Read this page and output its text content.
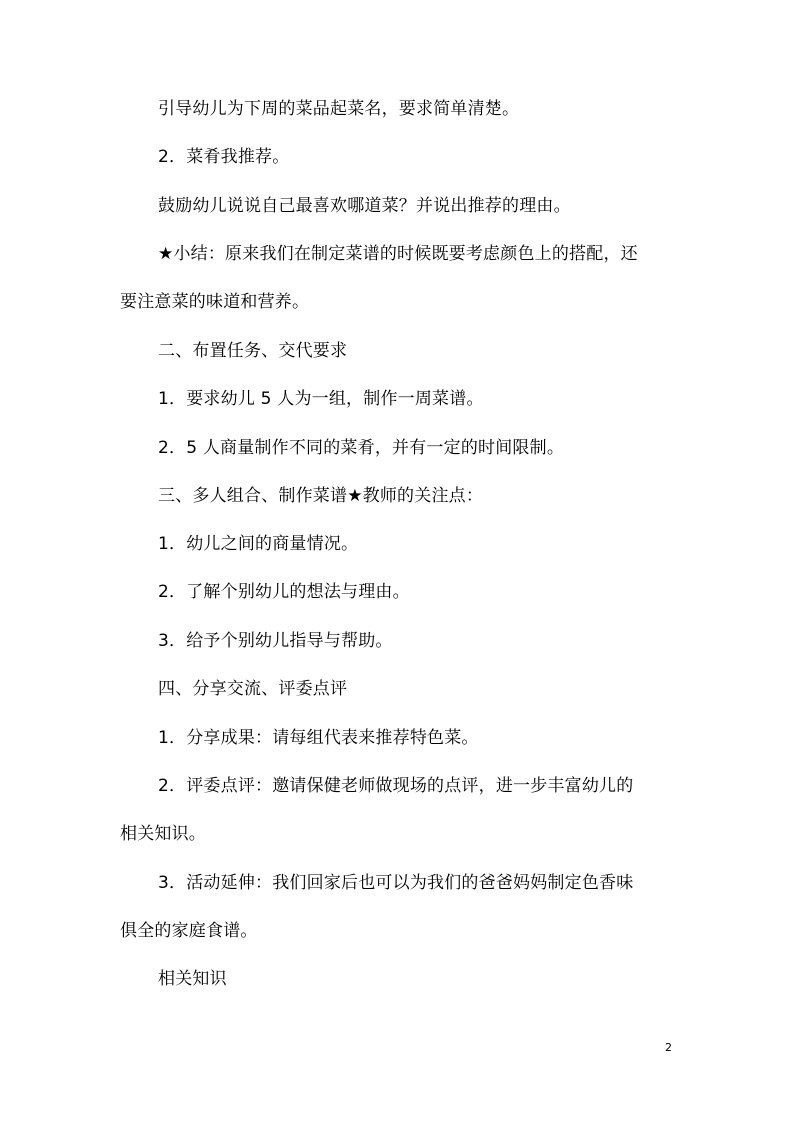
引导幼儿为下周的菜品起菜名，要求简单清楚。
2．菜肴我推荐。
鼓励幼儿说说自己最喜欢哪道菜？并说出推荐的理由。
★小结：原来我们在制定菜谱的时候既要考虑颜色上的搭配，还
要注意菜的味道和营养。
二、布置任务、交代要求
1．要求幼儿 5 人为一组，制作一周菜谱。
2．5 人商量制作不同的菜肴，并有一定的时间限制。
三、多人组合、制作菜谱★教师的关注点：
1．幼儿之间的商量情况。
2．了解个别幼儿的想法与理由。
3．给予个别幼儿指导与帮助。
四、分享交流、评委点评
1．分享成果：请每组代表来推荐特色菜。
2．评委点评：邀请保健老师做现场的点评，进一步丰富幼儿的
相关知识。
3．活动延伸：我们回家后也可以为我们的爸爸妈妈制定色香味
俱全的家庭食谱。
相关知识
2
